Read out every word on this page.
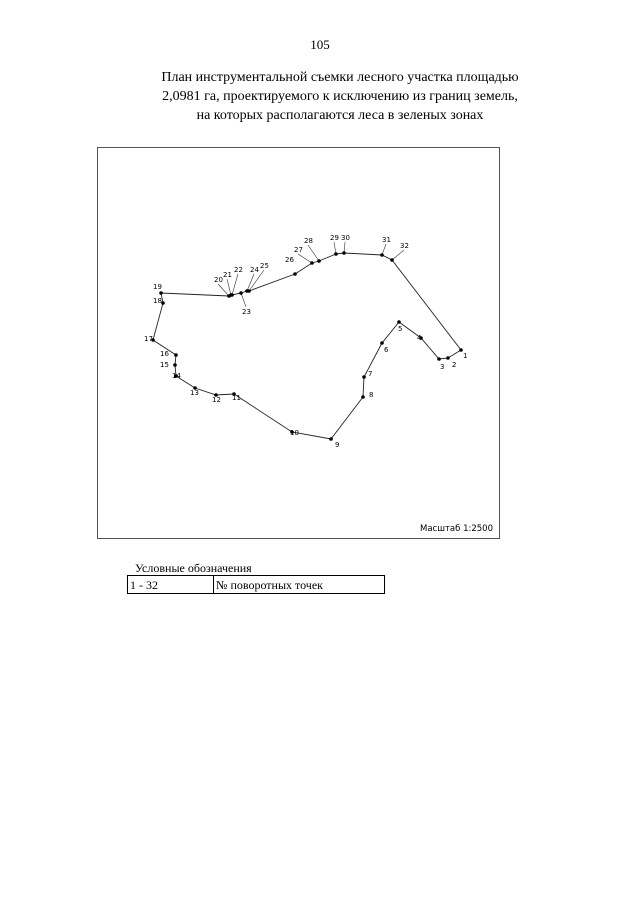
105
План инструментальной съемки лесного участка площадью
2,0981 га, проектируемого к исключению из границ земель,
на которых располагаются леса в зеленых зонах
1
2
3
4
5
6
7
8
9
10
11
12
13
14
15
16
17
18
19
20
21
22
23
24 25
26
27
28 29 30	31
32
Масштаб 1:2500
Условные обозначения
1 - 32	№ поворотных точек
